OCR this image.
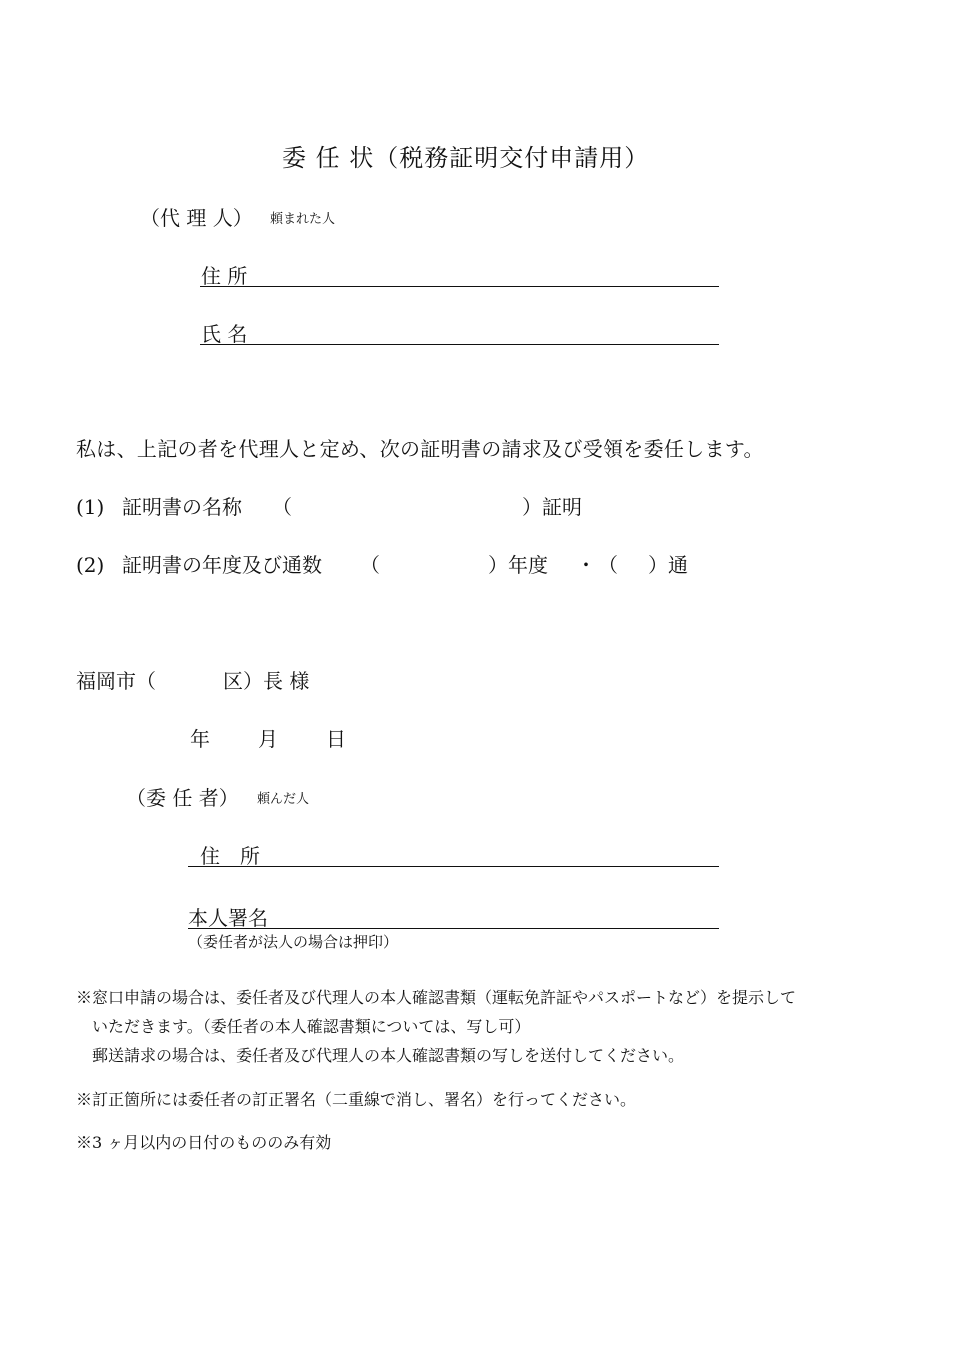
委 任 状（税務証明交付申請用）
（代 理 人） 頼まれた人
住 所
氏 名
私は、上記の者を代理人と定め、次の証明書の請求及び受領を委任します。
(1) 証明書の名称 （	）証明
(2) 証明書の年度及び通数 （	）年度 ・ （ ）通
福岡市（	区）長 様
年 月 日
（委 任 者） 頼んだ人
住　所
本人署名
（委任者が法人の場合は押印）
※窓口申請の場合は、委任者及び代理人の本人確認書類（運転免許証やパスポートなど）を提示して
いただきます。（委任者の本人確認書類については、写し可）
郵送請求の場合は、委任者及び代理人の本人確認書類の写しを送付してください。
※訂正箇所には委任者の訂正署名（二重線で消し、署名）を行ってください。
※3 ヶ月以内の日付のもののみ有効
